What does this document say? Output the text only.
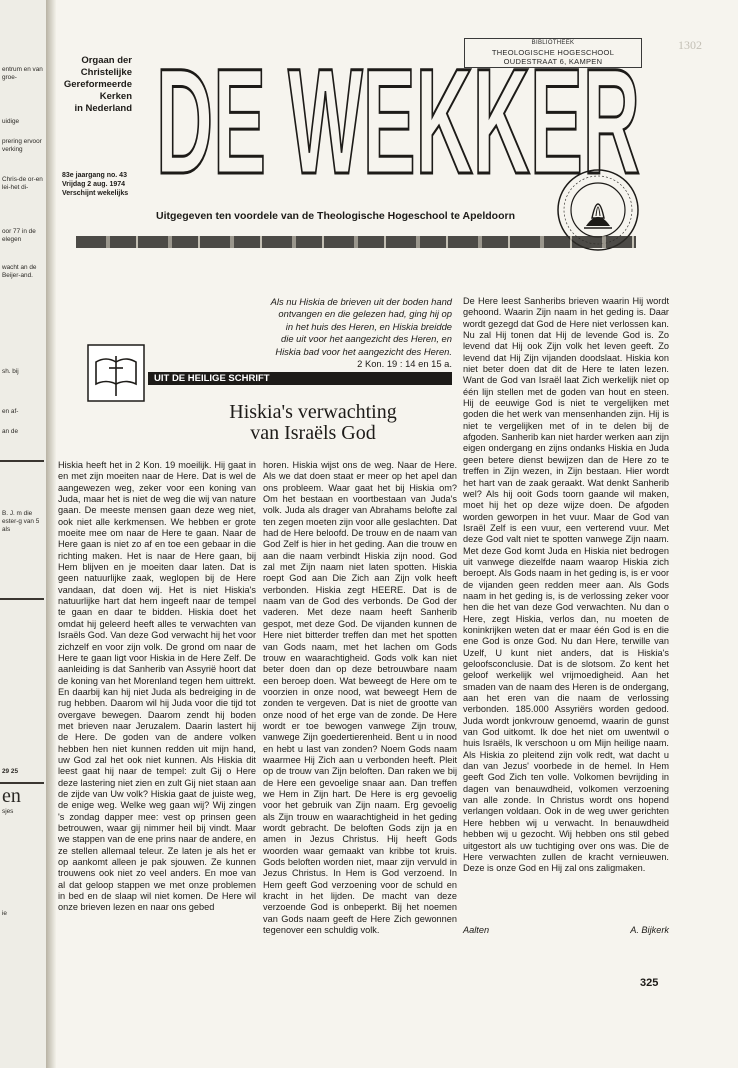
entrum en van groe-
uidige
prering ervoor verking
Chris-de or-en lei-het di-
oor 77 in de elegen
wacht an de Beijer-and.
sh. bij
en af-
an de
B. J. m die ester-g van 5 als
29 25
en
sjes
ie
Orgaan der
Christelijke
Gereformeerde
Kerken
in Nederland
83e jaargang no. 43
Vrijdag 2 aug. 1974
Verschijnt wekelijks
BIBLIOTHEEK
THEOLOGISCHE HOGESCHOOL
OUDESTRAAT 6, KAMPEN
1302
DE WEKKER
Uitgegeven ten voordele van de Theologische Hogeschool te Apeldoorn
Als nu Hiskia de brieven uit der boden hand
ontvangen en die gelezen had, ging hij op
in het huis des Heren, en Hiskia breidde
die uit voor het aangezicht des Heren, en
Hiskia bad voor het aangezicht des Heren.
2 Kon. 19 : 14 en 15 a.
UIT DE HEILIGE SCHRIFT
Hiskia's verwachting
van Israëls God
Hiskia heeft het in 2 Kon. 19 moeilijk. Hij gaat in en met zijn moeiten naar de Here. Dat is wel de aangewezen weg, zeker voor een koning van Juda, maar het is niet de weg die wij van nature gaan. De meeste mensen gaan deze weg niet, ook niet alle kerkmensen. We hebben er grote moeite mee om naar de Here te gaan. Naar de Here gaan is niet zo af en toe een gebaar in die richting maken. Het is naar de Here gaan, bij Hem blijven en je moeiten daar laten. Dat is geen natuurlijke zaak, weglopen bij de Here vandaan, dat doen wij. Het is niet Hiskia's natuurlijke hart dat hem ingeeft naar de tempel te gaan en daar te bidden. Hiskia doet het omdat hij geleerd heeft alles te verwachten van Israëls God. Van deze God verwacht hij het voor zichzelf en voor zijn volk. De grond om naar de Here te gaan ligt voor Hiskia in de Here Zelf. De aanleiding is dat Sanherib van Assyrië hoort dat de koning van het Morenland tegen hem uittrekt. En daarbij kan hij niet Juda als bedreiging in de rug hebben. Daarom wil hij Juda voor die tijd tot overgave bewegen. Daarom zendt hij boden met brieven naar Jeruzalem. Daarin lastert hij de Here. De goden van de andere volken hebben hen niet kunnen redden uit mijn hand, uw God zal het ook niet kunnen. Als Hiskia dit leest gaat hij naar de tempel: zult Gij o Here deze lastering niet zien en zult Gij niet staan aan de zijde van Uw volk? Hiskia gaat de juiste weg, de enige weg. Welke weg gaan wij? Wij zingen 's zondag dapper mee: vest op prinsen geen betrouwen, waar gij nimmer heil bij vindt. Maar we stappen van de ene prins naar de andere, en ze stellen allemaal teleur. Ze laten je als het er op aankomt alleen je pak sjouwen. Ze kunnen trouwens ook niet zo veel anders. En moe van al dat geloop stappen we met onze problemen in bed en de slaap wil niet komen. De Here wil onze brieven lezen en naar ons gebed
horen. Hiskia wijst ons de weg. Naar de Here. Als we dat doen staat er meer op het apel dan ons probleem. Waar gaat het bij Hiskia om? Om het bestaan en voortbestaan van Juda's volk. Juda als drager van Abrahams belofte zal ten zegen moeten zijn voor alle geslachten. Dat had de Here beloofd. De trouw en de naam van God Zelf is hier in het geding. Aan die trouw en aan die naam verbindt Hiskia zijn nood. God zal met Zijn naam niet laten spotten. Hiskia roept God aan Die Zich aan Zijn volk heeft verbonden. Hiskia zegt HEERE. Dat is de naam van de God des verbonds. De God der vaderen. Met deze naam heeft Sanherib gespot, met deze God. De vijanden kunnen de Here niet bitterder treffen dan met het spotten van Gods naam, met het lachen om Gods trouw en waarachtigheid. Gods volk kan niet beter doen dan op deze betrouwbare naam een beroep doen. Wat beweegt de Here om te voorzien in onze nood, wat beweegt Hem de zonden te vergeven. Dat is niet de grootte van onze nood of het erge van de zonde. De Here wordt er toe bewogen vanwege Zijn trouw, vanwege Zijn goedertierenheid. Bent u in nood en hebt u last van zonden? Noem Gods naam waarmee Hij Zich aan u verbonden heeft. Pleit op de trouw van Zijn beloften. Dan raken we bij de Here een gevoelige snaar aan. Dan treffen we Hem in Zijn hart. De Here is erg gevoelig voor het gebruik van Zijn naam. Erg gevoelig als Zijn trouw en waarachtigheid in het geding wordt gebracht. De beloften Gods zijn ja en amen in Jezus Christus. Hij heeft Gods woorden waar gemaakt van kribbe tot kruis. Gods beloften worden niet, maar zijn vervuld in Jezus Christus. In Hem is God verzoend. In Hem geeft God verzoening voor de schuld en kracht in het lijden. De macht van deze verzoende God is onbeperkt. Bij het noemen van Gods naam geeft de Here Zich gewonnen tegenover een schuldig volk.
De Here leest Sanheribs brieven waarin Hij wordt gehoond. Waarin Zijn naam in het geding is. Daar wordt gezegd dat God de Here niet verlossen kan. Nu zal Hij tonen dat Hij de levende God is. Zo levend dat Hij ook Zijn volk het leven geeft. Zo levend dat Hij Zijn vijanden doodslaat. Hiskia kon niet beter doen dat dit de Here te laten lezen. Want de God van Israël laat Zich werkelijk niet op één lijn stellen met de goden van hout en steen. Hij de eeuwige God is niet te vergelijken met goden die het werk van mensenhanden zijn. Hij is niet te vergelijken met of in te delen bij de afgoden. Sanherib kan niet harder werken aan zijn eigen ondergang en zijns ondanks Hiskia en Juda geen betere dienst bewijzen dan de Here zo te treffen in Zijn wezen, in Zijn bestaan. Hier wordt het hart van de zaak geraakt. Wat denkt Sanherib wel? Als hij ooit Gods toorn gaande wil maken, moet hij het op deze wijze doen. De afgoden worden geworpen in het vuur. Maar de God van Israël Zelf is een vuur, een verterend vuur. Met deze God valt niet te spotten vanwege Zijn naam. Met deze God komt Juda en Hiskia niet bedrogen uit vanwege diezelfde naam waarop Hiskia zich beroept. Als Gods naam in het geding is, is er voor de vijanden geen redden meer aan. Als Gods naam in het geding is, is de verlossing zeker voor hen die het van deze God verwachten. Nu dan o Here, zegt Hiskia, verlos dan, nu moeten de koninkrijken weten dat er maar één God is en die ene God is onze God. Nu dan Here, terwille van Uzelf, U kunt niet anders, dat is Hiskia's geloofsconclusie. Dat is de slotsom. Zo kent het geloof werkelijk wel vrijmoedigheid. Aan het smaden van de naam des Heren is de ondergang, aan het eren van die naam de verlossing verbonden. 185.000 Assyriërs worden gedood. Juda wordt jonkvrouw genoemd, waarin de gunst van God uitkomt. Ik doe het niet om uwentwil o huis Israëls, Ik verschoon u om Mijn heilige naam. Als Hiskia zo pleitend zijn volk redt, wat dacht u dan van Jezus' voorbede in de hemel. In Hem geeft God Zich ten volle. Volkomen bevrijding in dagen van benauwdheid, volkomen verzoening van alle zonde. In Christus wordt ons hopend verlangen voldaan. Ook in de weg uwer gerichten Here hebben wij u verwacht. In benauwdheid hebben wij u gezocht. Wij hebben ons stil gebed uitgestort als uw tuchtiging over ons was. Die de Here verwachten zullen de kracht vernieuwen. Deze is onze God en Hij zal ons zaligmaken.
Aalten	A. Bijkerk
325
